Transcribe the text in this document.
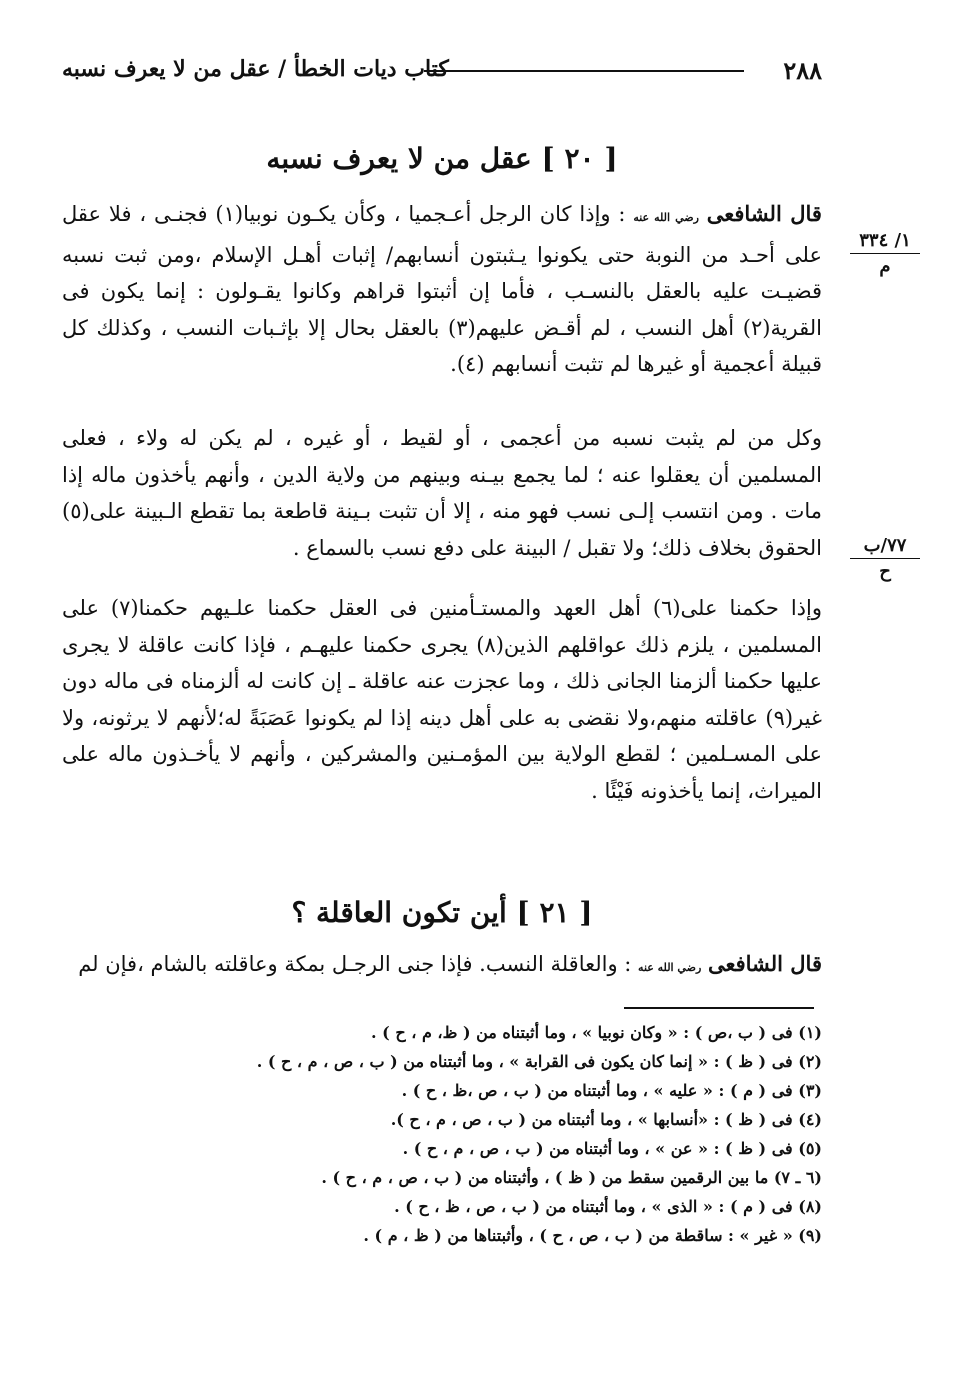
٢٨٨
كتاب ديات الخطأ / عقل من لا يعرف نسبه
[ ٢٠ ] عقل من لا يعرف نسبه
قال الشافعى رضي الله عنه : وإذا كان الرجل أعـجميا ، وكأن يكـون نوبيا(١) فجنـى ، فلا عقل على أحـد من النوبة حتى يكونوا يـثبتون أنسابهم/ إثبات أهـل الإسلام ،ومن ثبت نسبه قضيـت عليه بالعقل بالنسـب ، فأما إن أثبتوا قراهم وكانوا يقـولون : إنما يكون فى القرية(٢) أهل النسب ، لم أقـض عليهم(٣) بالعقل بحال إلا بإثـبات النسب ، وكذلك كل قبيلة أعجمية أو غيرها لم تثبت أنسابهم (٤).
وكل من لم يثبت نسبه من أعجمى ، أو لقيط ، أو غيره ، لم يكن له ولاء ، فعلى المسلمين أن يعقلوا عنه ؛ لما يجمع بيـنه وبينهم من ولاية الدين ، وأنهم يأخذون ماله إذا مات . ومن انتسب إلـى نسب فهو منه ، إلا أن تثبت بـينة قاطعة بما تقطع الـبينة على(٥) الحقوق بخلاف ذلك؛ ولا تقبل / البينة على دفع نسب بالسماع .
وإذا حكمنا على(٦) أهل العهد والمستـأمنين فى العقل حكمنا علـيهم حكمنا(٧) على المسلمين ، يلزم ذلك عواقلهم الذين(٨) يجرى حكمنا عليهـم ، فإذا كانت عاقلة لا يجرى عليها حكمنا ألزمنا الجانى ذلك ، وما عجزت عنه عاقلة ـ إن كانت له ألزمناه فى ماله دون غير(٩) عاقلته منهم،ولا نقضى به على أهل دينه إذا لم يكونوا عَصَبَةً له؛لأنهم لا يرثونه، ولا على المسـلمين ؛ لقطع الولاية بين المؤمـنين والمشركين ، وأنهم لا يأخـذون ماله على الميراث، إنما يأخذونه فَيْئًا .
[ ٢١ ] أين تكون العاقلة ؟
قال الشافعى رضي الله عنه : والعاقلة النسب. فإذا جنى الرجـل بمكة وعاقلته بالشام ،فإن لم
١/ ٣٣٤
م
٧٧/ب
ح
(١) فى ( ب ،ص ) : « وكان نوبيا » ، وما أثبتناه من ( ظ، م ، ح ) .
(٢) فى ( ظ ) : « إنما كان يكون فى القرابة » ، وما أثبتناه من ( ب ، ص ، م ، ح ) .
(٣) فى ( م ) : « عليه » ، وما أثبتناه من ( ب ، ص ،ظ ، ح ) .
(٤) فى ( ظ ) : «أنسابها » ، وما أثبتناه من ( ب ، ص ، م ، ح ).
(٥) فى ( ظ ) : « عن » ، وما أثبتناه من ( ب ، ص ، م ، ح ) .
(٦ ـ ٧) ما بين الرقمين سقط من ( ظ ) ، وأثبتناه من ( ب ، ص ، م ، ح ) .
(٨) فى ( م ) : « الذى » ، وما أثبتناه من ( ب ، ص ، ظ ، ح ) .
(٩) « غير » : ساقطة من ( ب ، ص ، ح ) ، وأثبتناها من ( ظ ، م ) .
